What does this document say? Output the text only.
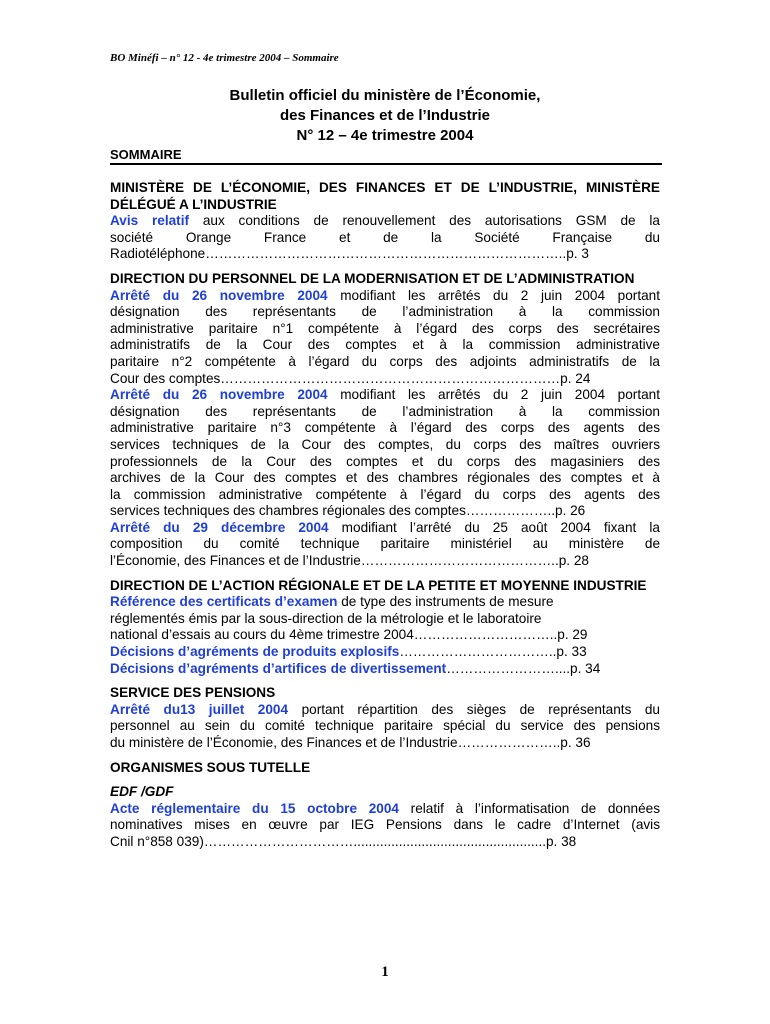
BO Minéfi – n° 12 - 4e trimestre 2004 – Sommaire
Bulletin officiel du ministère de l’Économie,
des Finances et de l’Industrie
N° 12 – 4e trimestre 2004
SOMMAIRE
MINISTÈRE DE L’ÉCONOMIE, DES FINANCES ET DE L’INDUSTRIE, MINISTÈRE DÉLÉGUÉ A L’INDUSTRIE
Avis relatif aux conditions de renouvellement des autorisations GSM de la
société Orange France et de la Société Française du
Radiotéléphone……………………………………………………………………..p. 3
DIRECTION DU PERSONNEL DE LA MODERNISATION ET DE L’ADMINISTRATION
Arrêté du 26 novembre 2004 modifiant les arrêtés du 2 juin 2004 portant
désignation des représentants de l’administration à la commission
administrative paritaire n°1 compétente à l’égard des corps des secrétaires
administratifs de la Cour des comptes et à la commission administrative
paritaire n°2 compétente à l’égard du corps des adjoints administratifs de la
Cour des comptes…………………………………………………………………p. 24
Arrêté du 26 novembre 2004 modifiant les arrêtés du 2 juin 2004 portant
désignation des représentants de l’administration à la commission
administrative paritaire n°3 compétente à l’égard des corps des agents des
services techniques de la Cour des comptes, du corps des maîtres ouvriers
professionnels de la Cour des comptes et du corps des magasiniers des
archives de la Cour des comptes et des chambres régionales des comptes et à
la commission administrative compétente à l’égard du corps des agents des
services techniques des chambres régionales des comptes………………..p. 26
Arrêté du 29 décembre 2004 modifiant l’arrêté du 25 août 2004 fixant la
composition du comité technique paritaire ministériel au ministère de
l’Économie, des Finances et de l’Industrie……………………………………..p. 28
DIRECTION DE L’ACTION RÉGIONALE ET DE LA PETITE ET MOYENNE INDUSTRIE
Référence des certificats d’examen de type des instruments de mesure
réglementés émis par la sous-direction de la métrologie et le laboratoire
national d’essais au cours du 4ème trimestre 2004…………………………..p. 29
Décisions d’agréments de produits explosifs……………………………..p. 33
Décisions d’agréments d’artifices de divertissement……………………....p. 34
SERVICE DES PENSIONS
Arrêté du13 juillet 2004 portant répartition des sièges de représentants du
personnel au sein du comité technique paritaire spécial du service des pensions
du ministère de l’Économie, des Finances et de l’Industrie…………………..p. 36
ORGANISMES SOUS TUTELLE
EDF /GDF
Acte réglementaire du 15 octobre 2004 relatif à l’informatisation de données
nominatives mises en œuvre par IEG Pensions dans le cadre d’Internet (avis
Cnil n°858 039)……………………………...................................................p. 38
1
